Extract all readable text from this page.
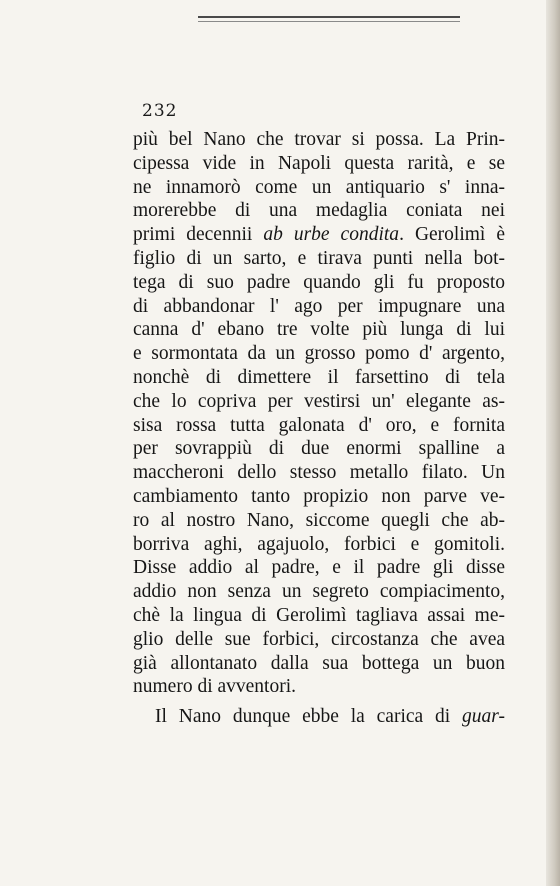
232
più bel Nano che trovar si possa. La Prin-
cipessa vide in Napoli questa rarità, e se
ne innamorò come un antiquario s' inna-
morerebbe di una medaglia coniata nei
primi decennii ab urbe condita. Gerolimì è
figlio di un sarto, e tirava punti nella bot-
tega di suo padre quando gli fu proposto
di abbandonar l' ago per impugnare una
canna d' ebano tre volte più lunga di lui
e sormontata da un grosso pomo d' argento,
nonchè di dimettere il farsettino di tela
che lo copriva per vestirsi un' elegante as-
sisa rossa tutta galonata d' oro, e fornita
per sovrappiù di due enormi spalline a
maccheroni dello stesso metallo filato. Un
cambiamento tanto propizio non parve ve-
ro al nostro Nano, siccome quegli che ab-
borriva aghi, agajuolo, forbici e gomitoli.
Disse addio al padre, e il padre gli disse
addio non senza un segreto compiacimento,
chè la lingua di Gerolimì tagliava assai me-
glio delle sue forbici, circostanza che avea
già allontanato dalla sua bottega un buon
numero di avventori.
Il Nano dunque ebbe la carica di guar-
